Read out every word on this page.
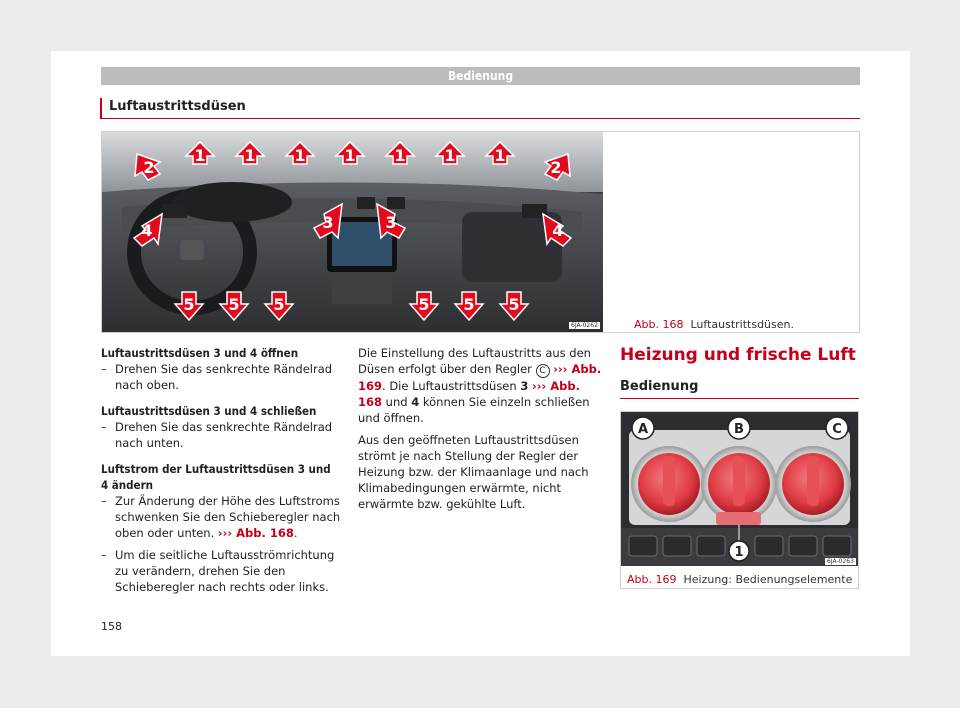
Bedienung
Luftaustrittsdüsen
1 1 1 1 1 1 1
2	2
3	3
4	4
5 5 5	5 5 5
6JA-0262	Abb. 168 Luftaustrittsdüsen.

Luftaustrittsdüsen 3 und 4 öffnen

– Drehen Sie das senkrechte Rändelrad nach oben.

Luftaustrittsdüsen 3 und 4 schließen

– Drehen Sie das senkrechte Rändelrad nach unten.

Luftstrom der Luftaustrittsdüsen 3 und 4 ändern

– Zur Änderung der Höhe des Luftstroms schwenken Sie den Schieberegler nach oben oder unten. ››› Abb. 168.
– Um die seitliche Luftausströmrichtung zu verändern, drehen Sie den Schieberegler nach rechts oder links.

Die Einstellung des Luftaustritts aus den Düsen erfolgt über den Regler C ››› Abb. 169. Die Luftaustrittsdüsen 3 ››› Abb. 168 und 4 können Sie einzeln schließen und öffnen.

Aus den geöffneten Luftaustrittsdüsen strömt je nach Stellung der Regler der Heizung bzw. der Klimaanlage und nach Klimabedingungen erwärmte, nicht erwärmte bzw. gekühlte Luft.

Heizung und frische Luft
Bedienung
A	B	C
1
6JA-0263
Abb. 169 Heizung: Bedienungselemente
158
